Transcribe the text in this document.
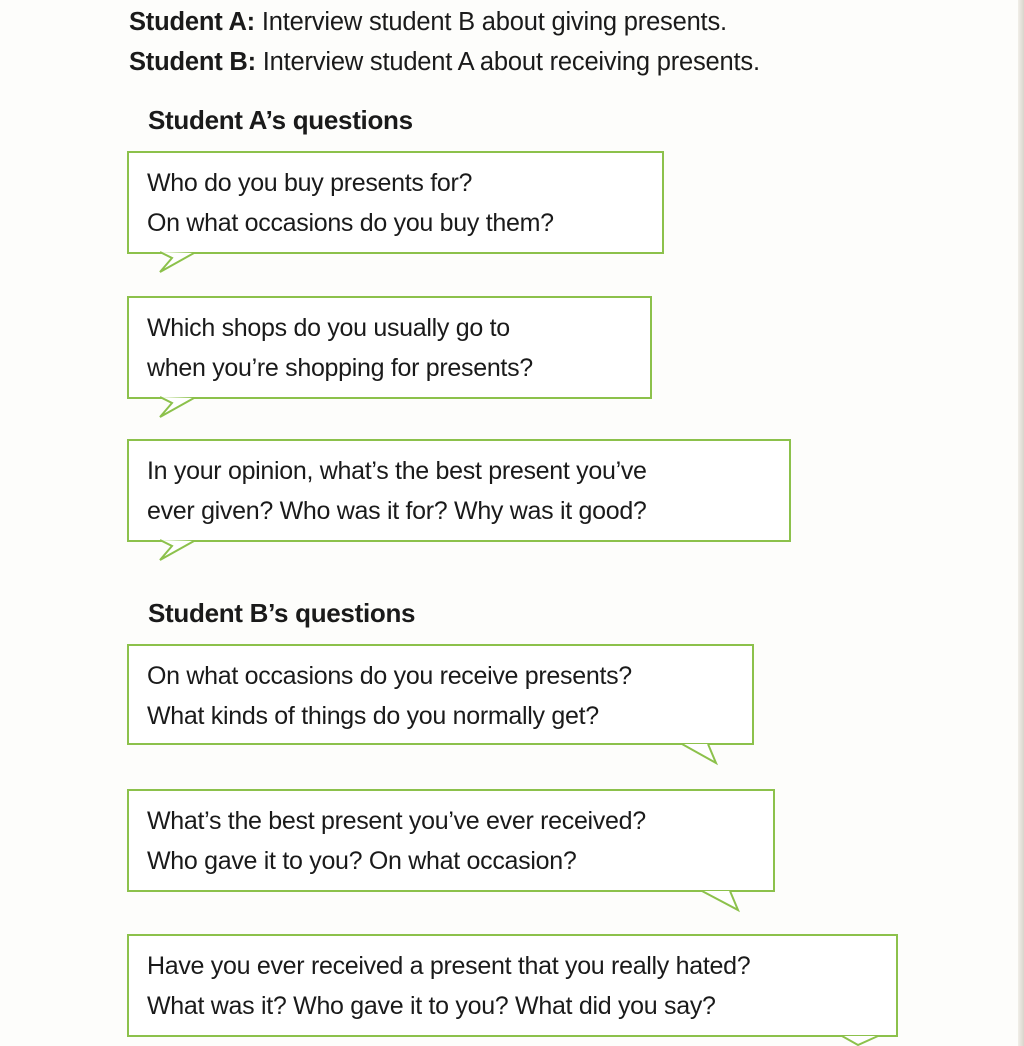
Student A: Interview student B about giving presents.
Student B: Interview student A about receiving presents.
Student A’s questions
Who do you buy presents for?
On what occasions do you buy them?
Which shops do you usually go to
when you’re shopping for presents?
In your opinion, what’s the best present you’ve
ever given? Who was it for? Why was it good?
Student B’s questions
On what occasions do you receive presents?
What kinds of things do you normally get?
What’s the best present you’ve ever received?
Who gave it to you? On what occasion?
Have you ever received a present that you really hated?
What was it? Who gave it to you? What did you say?
